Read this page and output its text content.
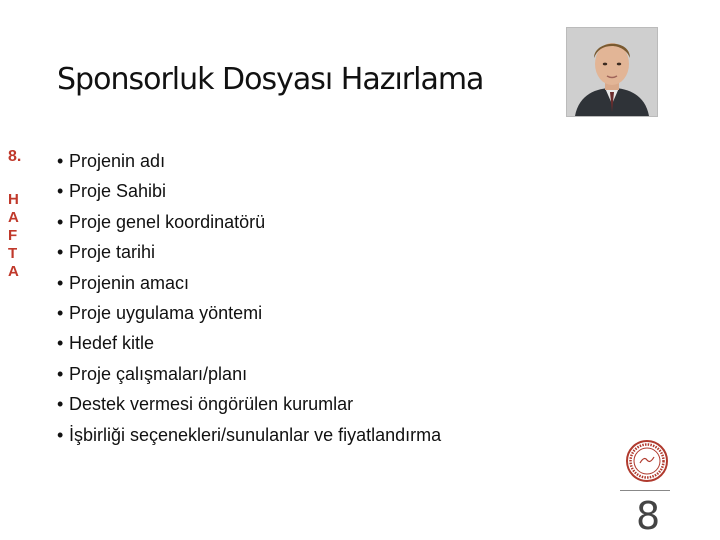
Sponsorluk Dosyası Hazırlama
8.
H
A
F
T
A
• Projenin adı
• Proje Sahibi
• Proje genel koordinatörü
• Proje tarihi
• Projenin amacı
• Proje uygulama yöntemi
• Hedef kitle
• Proje çalışmaları/planı
• Destek vermesi öngörülen kurumlar
• İşbirliği seçenekleri/sunulanlar ve fiyatlandırma
8
